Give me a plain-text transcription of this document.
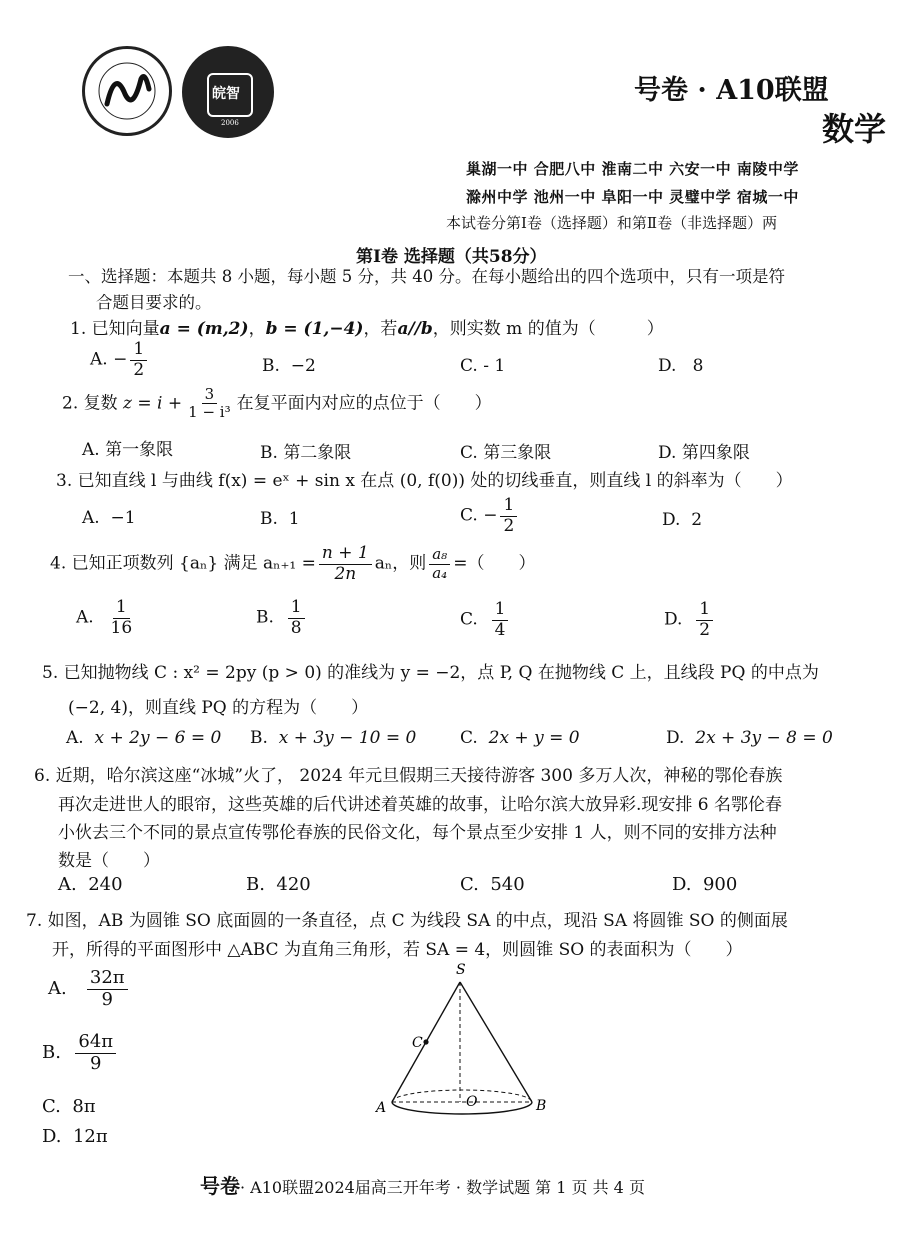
皖智
2006
号卷 · A10联盟
数学
巢湖一中 合肥八中 淮南二中 六安一中 南陵中学
滁州中学 池州一中 阜阳一中 灵璧中学 宿城一中
本试卷分第Ⅰ卷（选择题）和第Ⅱ卷（非选择题）两
第Ⅰ卷 选择题（共58分）
一、选择题：本题共 8 小题，每小题 5 分，共 40 分。在每小题给出的四个选项中，只有一项是符
合题目要求的。
1. 已知向量a = (m,2)，b = (1,−4)，若a//b，则实数 m 的值为（　　　）
A. − $\frac{1}{2}$	B. −2	C. - 1	D. 8
2. 复数 $z = i + \frac{3}{\text{1 − i³}}$ 在复平面内对应的点位于（　　）
A. 第一象限	B. 第二象限	C. 第三象限	D. 第四象限
3. 已知直线 l 与曲线 f(x) = eˣ + sin x 在点 (0, f(0)) 处的切线垂直，则直线 l 的斜率为（　　）
A. −1	B. 1	C. − $\frac{1}{2}$	D. 2
4. 已知正项数列 {aₙ} 满足 $a_{n+1} = \frac{n + 1}{2n}$ aₙ，则 $\frac{\text{a₈}}{\text{a₄}}$ =（　　）
A. $\frac{1}{16}$	B. $\frac{1}{8}$	C. $\frac{1}{4}$	D. $\frac{1}{2}$
5. 已知抛物线 C : x² = 2py (p > 0) 的准线为 y = −2，点 P, Q 在抛物线 C 上，且线段 PQ 的中点为
(−2, 4)，则直线 PQ 的方程为（　　）
A. x + 2y − 6 = 0 B. x + 3y − 10 = 0	C. 2x + y = 0	D. 2x + 3y − 8 = 0
6. 近期，哈尔滨这座“冰城”火了， 2024 年元旦假期三天接待游客 300 多万人次，神秘的鄂伦春族
再次走进世人的眼帘，这些英雄的后代讲述着英雄的故事，让哈尔滨大放异彩.现安排 6 名鄂伦春
小伙去三个不同的景点宣传鄂伦春族的民俗文化，每个景点至少安排 1 人，则不同的安排方法种
数是（　　）
A. 240	B. 420	C. 540	D. 900
7. 如图，AB 为圆锥 SO 底面圆的一条直径，点 C 为线段 SA 的中点，现沿 SA 将圆锥 SO 的侧面展
开，所得的平面图形中 △ABC 为直角三角形，若 SA = 4，则圆锥 SO 的表面积为（　　）
A. $\frac{32\pi}{9}$
B. $\frac{64\pi}{9}$
C. 8π
D. 12π
S
C
O
A	B
号卷· A10联盟2024届高三开年考 · 数学试题 第 1 页 共 4 页
